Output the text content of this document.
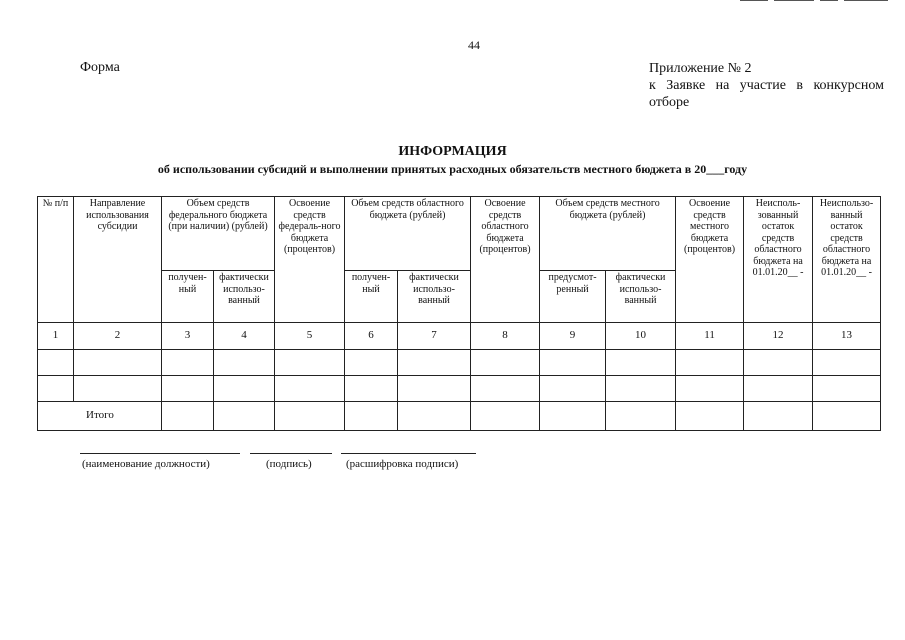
44
Форма	Приложение № 2
к Заявке на участие в конкурсном
отборе
ИНФОРМАЦИЯ
об использовании субсидий и выполнении принятых расходных обязательств местного бюджета в 20___году
№ п/п	Направление использования субсидии	Объем средств федерального бюджета (при наличии) (рублей)		Освоение средств федераль-ного бюджета (процентов)	Объем средств областного бюджета (рублей)		Освоение средств областного бюджета (процентов)	Объем средств местного бюджета (рублей)		Освоение средств местного бюджета (процентов)	Неисполь-зованный остаток средств областного бюджета на 01.01.20__ -	Неиспользо-ванный остаток средств областного бюджета на 01.01.20__ -
		получен-ный	фактически использо-ванный		получен-ный	фактически использо-ванный		предусмот-ренный	фактически использо-ванный			
1	2	3	4	5	6	7	8	9	10	11	12	13

Итого												
(наименование должности)	(подпись)	(расшифровка подписи)
